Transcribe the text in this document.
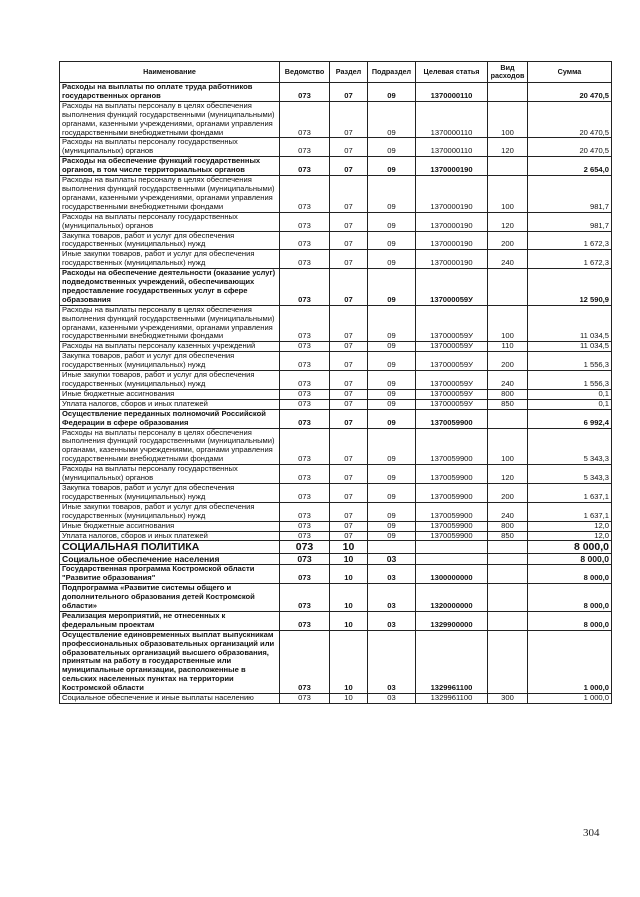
Наименование	Ведомство	Раздел	Подраздел	Целевая статья	Вид расходов	Сумма
Расходы на выплаты по оплате труда работников государственных органов	073	07	09	1370000110		20 470,5
Расходы на выплаты персоналу в целях обеспечения выполнения функций государственными (муниципальными) органами, казенными учреждениями, органами управления государственными внебюджетными фондами	073	07	09	1370000110	100	20 470,5
Расходы на выплаты персоналу государственных (муниципальных) органов	073	07	09	1370000110	120	20 470,5
Расходы на обеспечение функций государственных органов, в том числе территориальных органов	073	07	09	1370000190		2 654,0
Расходы на выплаты персоналу в целях обеспечения выполнения функций государственными (муниципальными) органами, казенными учреждениями, органами управления государственными внебюджетными фондами	073	07	09	1370000190	100	981,7
Расходы на выплаты персоналу государственных (муниципальных) органов	073	07	09	1370000190	120	981,7
Закупка товаров, работ и услуг для обеспечения государственных (муниципальных) нужд	073	07	09	1370000190	200	1 672,3
Иные закупки товаров, работ и услуг для обеспечения государственных (муниципальных) нужд	073	07	09	1370000190	240	1 672,3
Расходы на обеспечение деятельности (оказание услуг) подведомственных учреждений, обеспечивающих предоставление государственных услуг в сфере образования	073	07	09	137000059У		12 590,9
Расходы на выплаты персоналу в целях обеспечения выполнения функций государственными (муниципальными) органами, казенными учреждениями, органами управления государственными внебюджетными фондами	073	07	09	137000059У	100	11 034,5
Расходы на выплаты персоналу казенных учреждений	073	07	09	137000059У	110	11 034,5
Закупка товаров, работ и услуг для обеспечения государственных (муниципальных) нужд	073	07	09	137000059У	200	1 556,3
Иные закупки товаров, работ и услуг для обеспечения государственных (муниципальных) нужд	073	07	09	137000059У	240	1 556,3
Иные бюджетные ассигнования	073	07	09	137000059У	800	0,1
Уплата налогов, сборов и иных платежей	073	07	09	137000059У	850	0,1
Осуществление переданных полномочий Российской Федерации в сфере образования	073	07	09	1370059900		6 992,4
Расходы на выплаты персоналу в целях обеспечения выполнения функций государственными (муниципальными) органами, казенными учреждениями, органами управления государственными внебюджетными фондами	073	07	09	1370059900	100	5 343,3
Расходы на выплаты персоналу государственных (муниципальных) органов	073	07	09	1370059900	120	5 343,3
Закупка товаров, работ и услуг для обеспечения государственных (муниципальных) нужд	073	07	09	1370059900	200	1 637,1
Иные закупки товаров, работ и услуг для обеспечения государственных (муниципальных) нужд	073	07	09	1370059900	240	1 637,1
Иные бюджетные ассигнования	073	07	09	1370059900	800	12,0
Уплата налогов, сборов и иных платежей	073	07	09	1370059900	850	12,0
СОЦИАЛЬНАЯ ПОЛИТИКА	073	10				8 000,0
Социальное обеспечение населения	073	10	03			8 000,0
Государственная программа Костромской области "Развитие образования"	073	10	03	1300000000		8 000,0
Подпрограмма «Развитие системы общего и дополнительного образования детей Костромской области»	073	10	03	1320000000		8 000,0
Реализация мероприятий, не отнесенных к федеральным проектам	073	10	03	1329900000		8 000,0
Осуществление единовременных выплат выпускникам профессиональных образовательных организаций или образовательных организаций высшего образования, принятым на работу в государственные или муниципальные организации, расположенные в сельских населенных пунктах на территории Костромской области	073	10	03	1329961100		1 000,0
Социальное обеспечение и иные выплаты населению	073	10	03	1329961100	300	1 000,0
304
